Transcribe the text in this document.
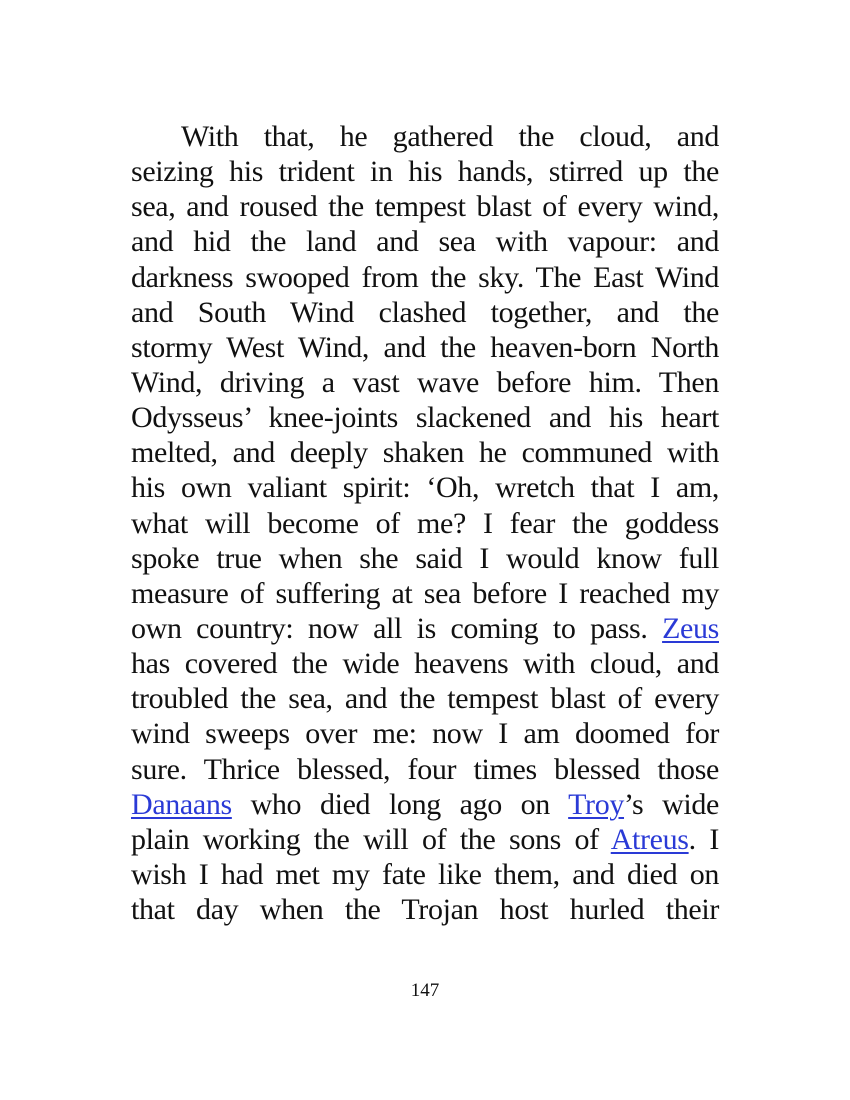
With that, he gathered the cloud, and
seizing his trident in his hands, stirred up the
sea, and roused the tempest blast of every wind,
and hid the land and sea with vapour: and
darkness swooped from the sky. The East Wind
and South Wind clashed together, and the
stormy West Wind, and the heaven-born North
Wind, driving a vast wave before him. Then
Odysseus’ knee-joints slackened and his heart
melted, and deeply shaken he communed with
his own valiant spirit: ‘Oh, wretch that I am,
what will become of me? I fear the goddess
spoke true when she said I would know full
measure of suffering at sea before I reached my
own country: now all is coming to pass. Zeus
has covered the wide heavens with cloud, and
troubled the sea, and the tempest blast of every
wind sweeps over me: now I am doomed for
sure. Thrice blessed, four times blessed those
Danaans who died long ago on Troy’s wide
plain working the will of the sons of Atreus. I
wish I had met my fate like them, and died on
that day when the Trojan host hurled their
147
